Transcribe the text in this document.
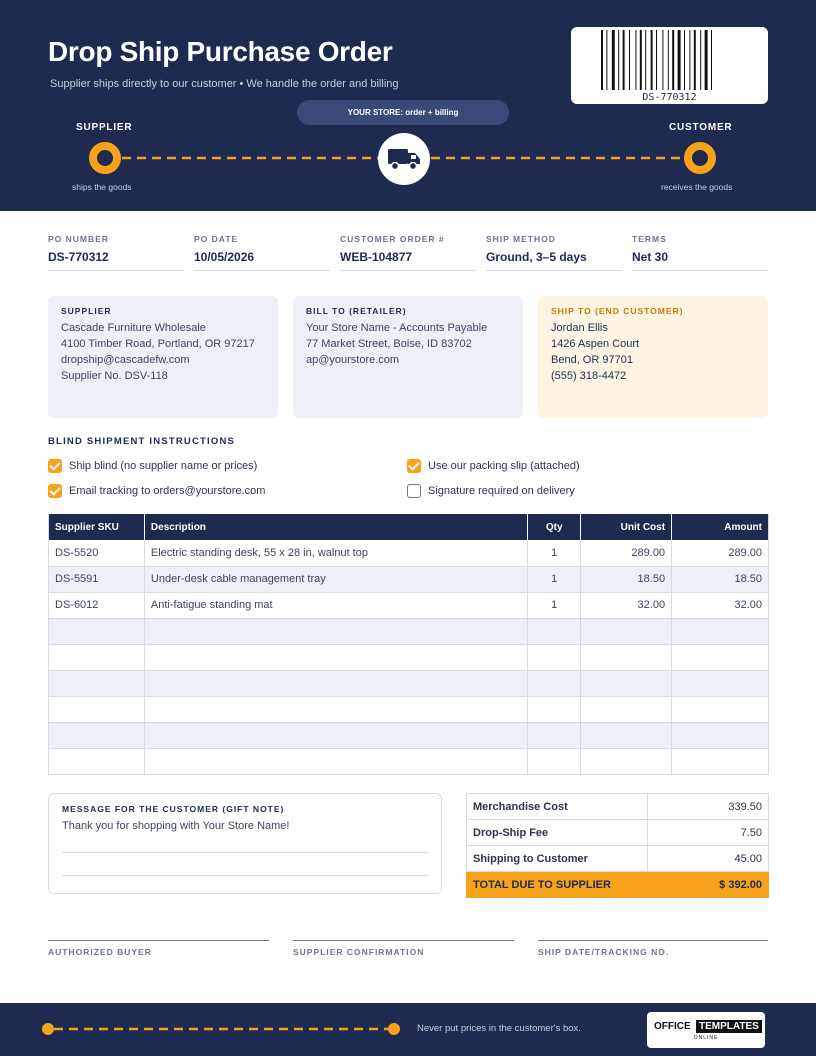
Drop Ship Purchase Order
Supplier ships directly to our customer • We handle the order and billing
DS-770312
YOUR STORE: order + billing
SUPPLIER	CUSTOMER
ships the goods	receives the goods
PO NUMBER
DS-770312
PO DATE
10/05/2026
CUSTOMER ORDER #
WEB-104877
SHIP METHOD
Ground, 3–5 days
TERMS
Net 30
SUPPLIER
Cascade Furniture Wholesale
4100 Timber Road, Portland, OR 97217
dropship@cascadefw.com
Supplier No. DSV-118
BILL TO (RETAILER)
Your Store Name - Accounts Payable
77 Market Street, Boise, ID 83702
ap@yourstore.com
SHIP TO (END CUSTOMER)
Jordan Ellis
1426 Aspen Court
Bend, OR 97701
(555) 318-4472
BLIND SHIPMENT INSTRUCTIONS
Ship blind (no supplier name or prices)	Use our packing slip (attached)
Email tracking to orders@yourstore.com	Signature required on delivery
Supplier SKU	Description	Qty	Unit Cost	Amount
DS-5520	Electric standing desk, 55 x 28 in, walnut top	1	289.00	289.00
DS-5591	Under-desk cable management tray	1	18.50	18.50
DS-6012	Anti-fatigue standing mat	1	32.00	32.00

MESSAGE FOR THE CUSTOMER (GIFT NOTE)
Thank you for shopping with Your Store Name!
Merchandise Cost	339.50
Drop-Ship Fee	7.50
Shipping to Customer	45.00
TOTAL DUE TO SUPPLIER	$ 392.00
AUTHORIZED BUYER	SUPPLIER CONFIRMATION	SHIP DATE/TRACKING NO.
Never put prices in the customer's box.	OFFICE TEMPLATES
ONLINE
